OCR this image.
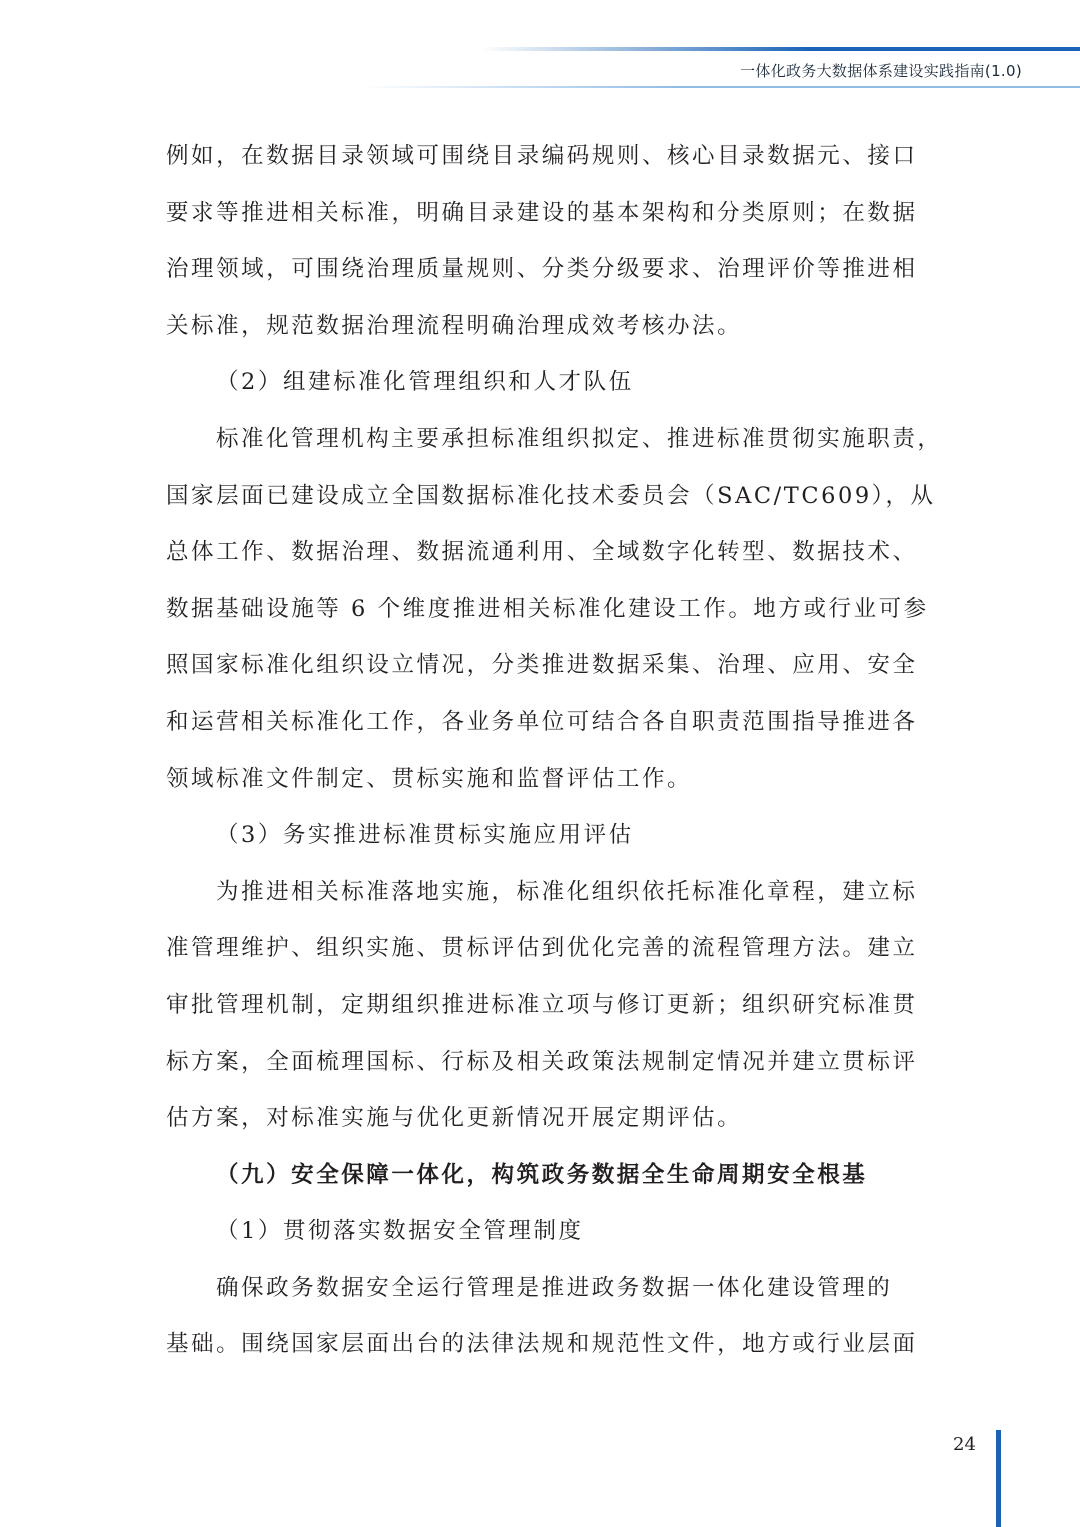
一体化政务大数据体系建设实践指南(1.0)
例如，在数据目录领域可围绕目录编码规则、核心目录数据元、接口
要求等推进相关标准，明确目录建设的基本架构和分类原则；在数据
治理领域，可围绕治理质量规则、分类分级要求、治理评价等推进相
关标准，规范数据治理流程明确治理成效考核办法。
（2）组建标准化管理组织和人才队伍
标准化管理机构主要承担标准组织拟定、推进标准贯彻实施职责，
国家层面已建设成立全国数据标准化技术委员会（SAC/TC609），从
总体工作、数据治理、数据流通利用、全域数字化转型、数据技术、
数据基础设施等 6 个维度推进相关标准化建设工作。地方或行业可参
照国家标准化组织设立情况，分类推进数据采集、治理、应用、安全
和运营相关标准化工作，各业务单位可结合各自职责范围指导推进各
领域标准文件制定、贯标实施和监督评估工作。
（3）务实推进标准贯标实施应用评估
为推进相关标准落地实施，标准化组织依托标准化章程，建立标
准管理维护、组织实施、贯标评估到优化完善的流程管理方法。建立
审批管理机制，定期组织推进标准立项与修订更新；组织研究标准贯
标方案，全面梳理国标、行标及相关政策法规制定情况并建立贯标评
估方案，对标准实施与优化更新情况开展定期评估。
（九）安全保障一体化，构筑政务数据全生命周期安全根基
（1）贯彻落实数据安全管理制度
确保政务数据安全运行管理是推进政务数据一体化建设管理的
基础。围绕国家层面出台的法律法规和规范性文件，地方或行业层面
24
